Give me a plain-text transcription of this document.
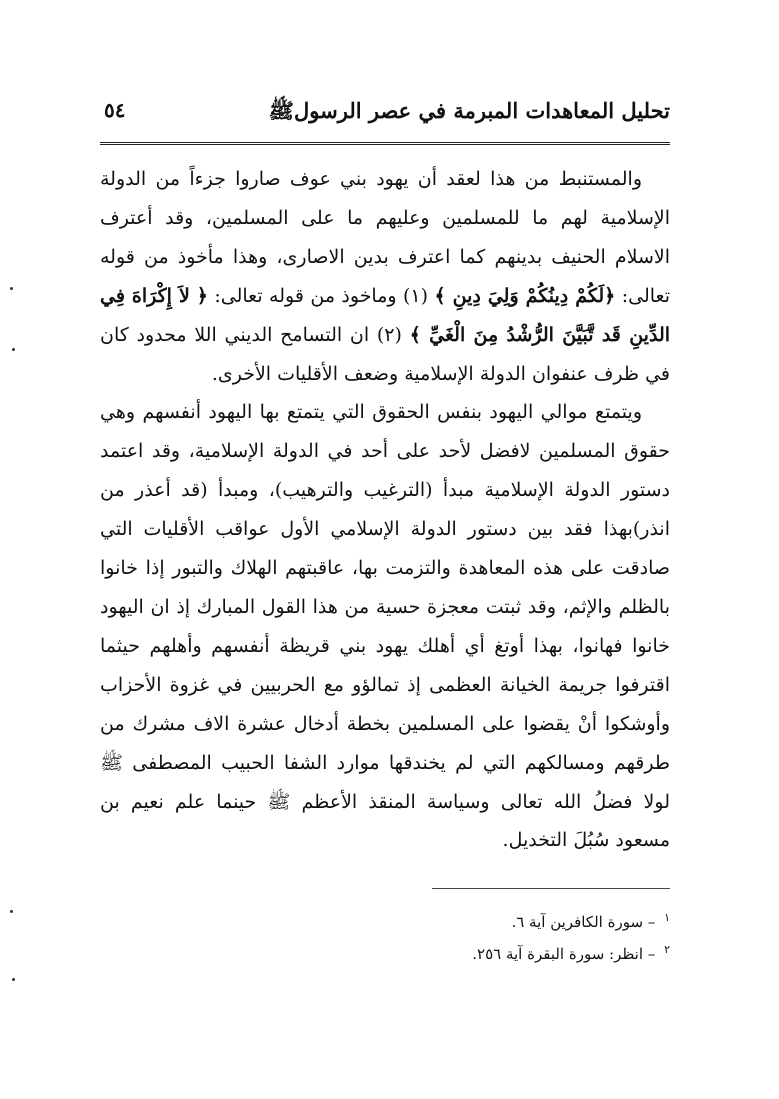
تحليل المعاهدات المبرمة في عصر الرسولﷺ
٥٤

والمستنبط من هذا لعقد أن يهود بني عوف صاروا جزءاً من الدولة الإسلامية لهم ما للمسلمين وعليهم ما على المسلمين، وقد أعترف الاسلام الحنيف بدينهم كما اعترف بدين الاصارى، وهذا مأخوذ من قوله تعالى: ﴿لَكُمْ دِينُكُمْ وَلِيَ دِينِ ﴾ (١) وماخوذ من قوله تعالى: ﴿ لاَ إِكْرَاهَ فِي الدِّينِ قَد تَّبَيَّنَ الرُّشْدُ مِنَ الْغَيِّ ﴾ (٢) ان التسامح الديني اللا محدود كان في ظرف عنفوان الدولة الإسلامية وضعف الأقليات الأخرى.

ويتمتع موالي اليهود بنفس الحقوق التي يتمتع بها اليهود أنفسهم وهي حقوق المسلمين لافضل لأحد على أحد في الدولة الإسلامية، وقد اعتمد دستور الدولة الإسلامية مبدأ (الترغيب والترهيب)، ومبدأ (قد أعذر من انذر)بهذا فقد بين دستور الدولة الإسلامي الأول عواقب الأقليات التي صادقت على هذه المعاهدة والتزمت بها، عاقبتهم الهلاك والتبور إذا خانوا بالظلم والإثم، وقد ثبتت معجزة حسية من هذا القول المبارك إذ ان اليهود خانوا فهانوا، بهذا أوتغ أي أهلك يهود بني قريظة أنفسهم وأهلهم حيثما اقترفوا جريمة الخيانة العظمى إذ تمالؤو مع الحربيين في غزوة الأحزاب وأوشكوا أنْ يقضوا على المسلمين بخطة أدخال عشرة الاف مشرك من طرقهم ومسالكهم التي لم يخندقها موارد الشفا الحبيب المصطفى ﷺ لولا فضلُ الله تعالى وسياسة المنقذ الأعظم ﷺ حينما علم نعيم بن مسعود سُبُلَ التخديل.

$^١$ – سورة الكافرين آية ٦.
$^٢$ – انظر: سورة البقرة آية ٢٥٦.
